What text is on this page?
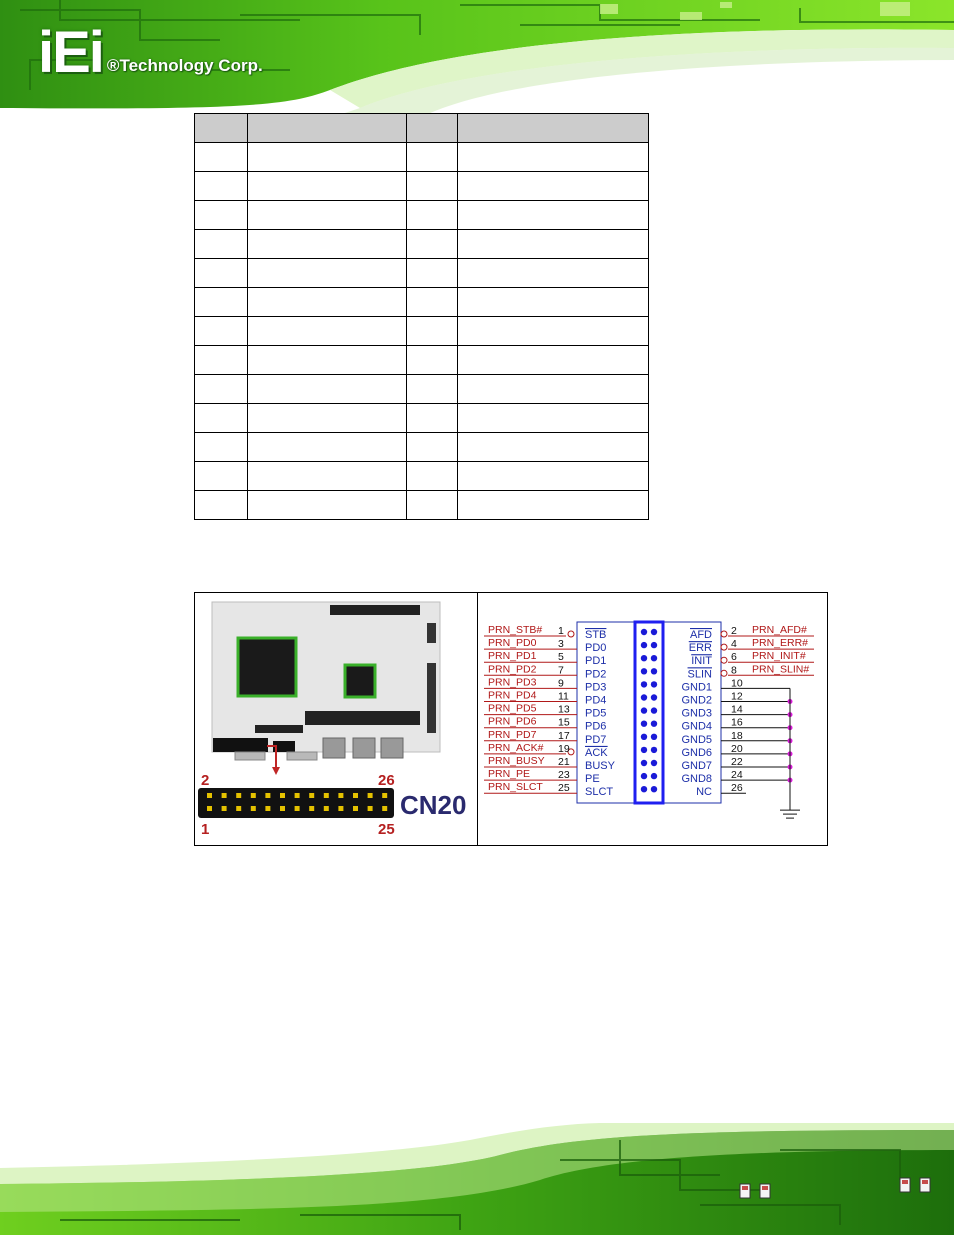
iEi ®Technology Corp.

2	26
1	25
CN20
PRN_STB# 1 STB
PRN_PD0 3 PD0
PRN_PD1 5 PD1
PRN_PD2 7 PD2
PRN_PD3 9 PD3
PRN_PD4 11 PD4
PRN_PD5 13 PD5
PRN_PD6 15 PD6
PRN_PD7 17 PD7
PRN_ACK# 19 ACK
PRN_BUSY 21 BUSY
PRN_PE	23 PE
PRN_SLCT 25 SLCT
AFD 2 PRN_AFD#
ERR 4 PRN_ERR#
INIT 6 PRN_INIT#
SLIN 8 PRN_SLIN#
GND1 10
GND2 12
GND3 14
GND4 16
GND5 18
GND6 20
GND7 22
GND8 24
NC 26
